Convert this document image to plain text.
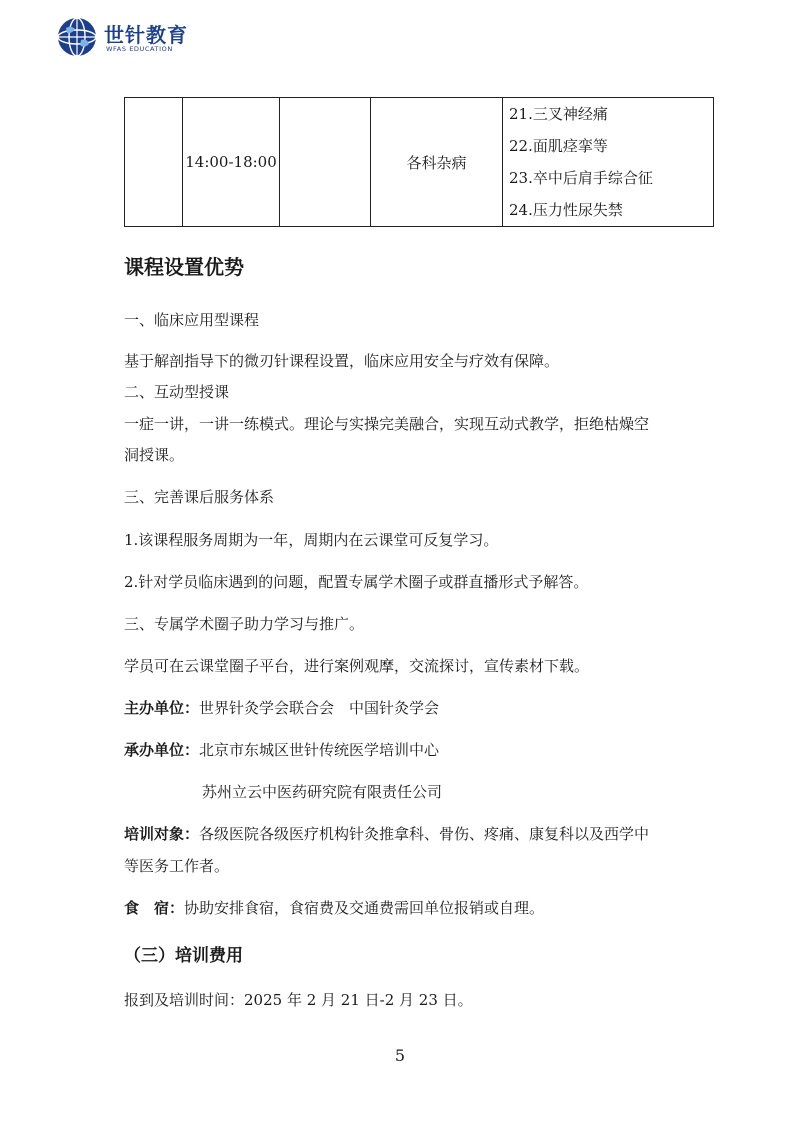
世针教育
WFAS EDUCATION
	14:00-18:00		各科杂病	
21.三叉神经痛
22.面肌痉挛等
23.卒中后肩手综合征
24.压力性尿失禁
课程设置优势
一、临床应用型课程
基于解剖指导下的微刃针课程设置，临床应用安全与疗效有保障。
二、互动型授课
一症一讲，一讲一练模式。理论与实操完美融合，实现互动式教学，拒绝枯燥空
洞授课。
三、完善课后服务体系
1.该课程服务周期为一年，周期内在云课堂可反复学习。
2.针对学员临床遇到的问题，配置专属学术圈子或群直播形式予解答。
三、专属学术圈子助力学习与推广。
学员可在云课堂圈子平台，进行案例观摩，交流探讨，宣传素材下载。
主办单位：世界针灸学会联合会　中国针灸学会
承办单位：北京市东城区世针传统医学培训中心
苏州立云中医药研究院有限责任公司
培训对象：各级医院各级医疗机构针灸推拿科、骨伤、疼痛、康复科以及西学中
等医务工作者。
食　宿：协助安排食宿，食宿费及交通费需回单位报销或自理。
（三）培训费用
报到及培训时间：2025 年 2 月 21 日-2 月 23 日。
5
